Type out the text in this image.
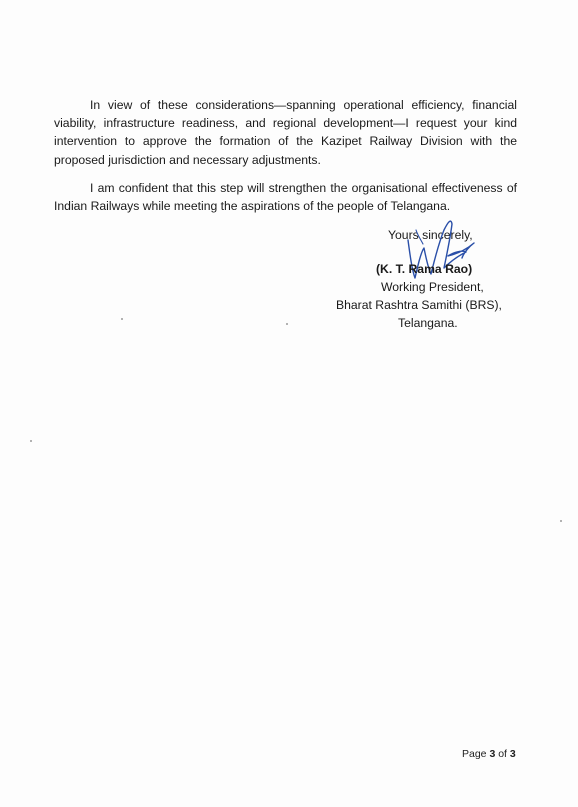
In view of these considerations—spanning operational efficiency, financial viability, infrastructure readiness, and regional development—I request your kind intervention to approve the formation of the Kazipet Railway Division with the proposed jurisdiction and necessary adjustments.

I am confident that this step will strengthen the organisational effectiveness of Indian Railways while meeting the aspirations of the people of Telangana.

Yours sincerely,
(K. T. Rama Rao)
Working President,
Bharat Rashtra Samithi (BRS),
Telangana.
Page 3 of 3
